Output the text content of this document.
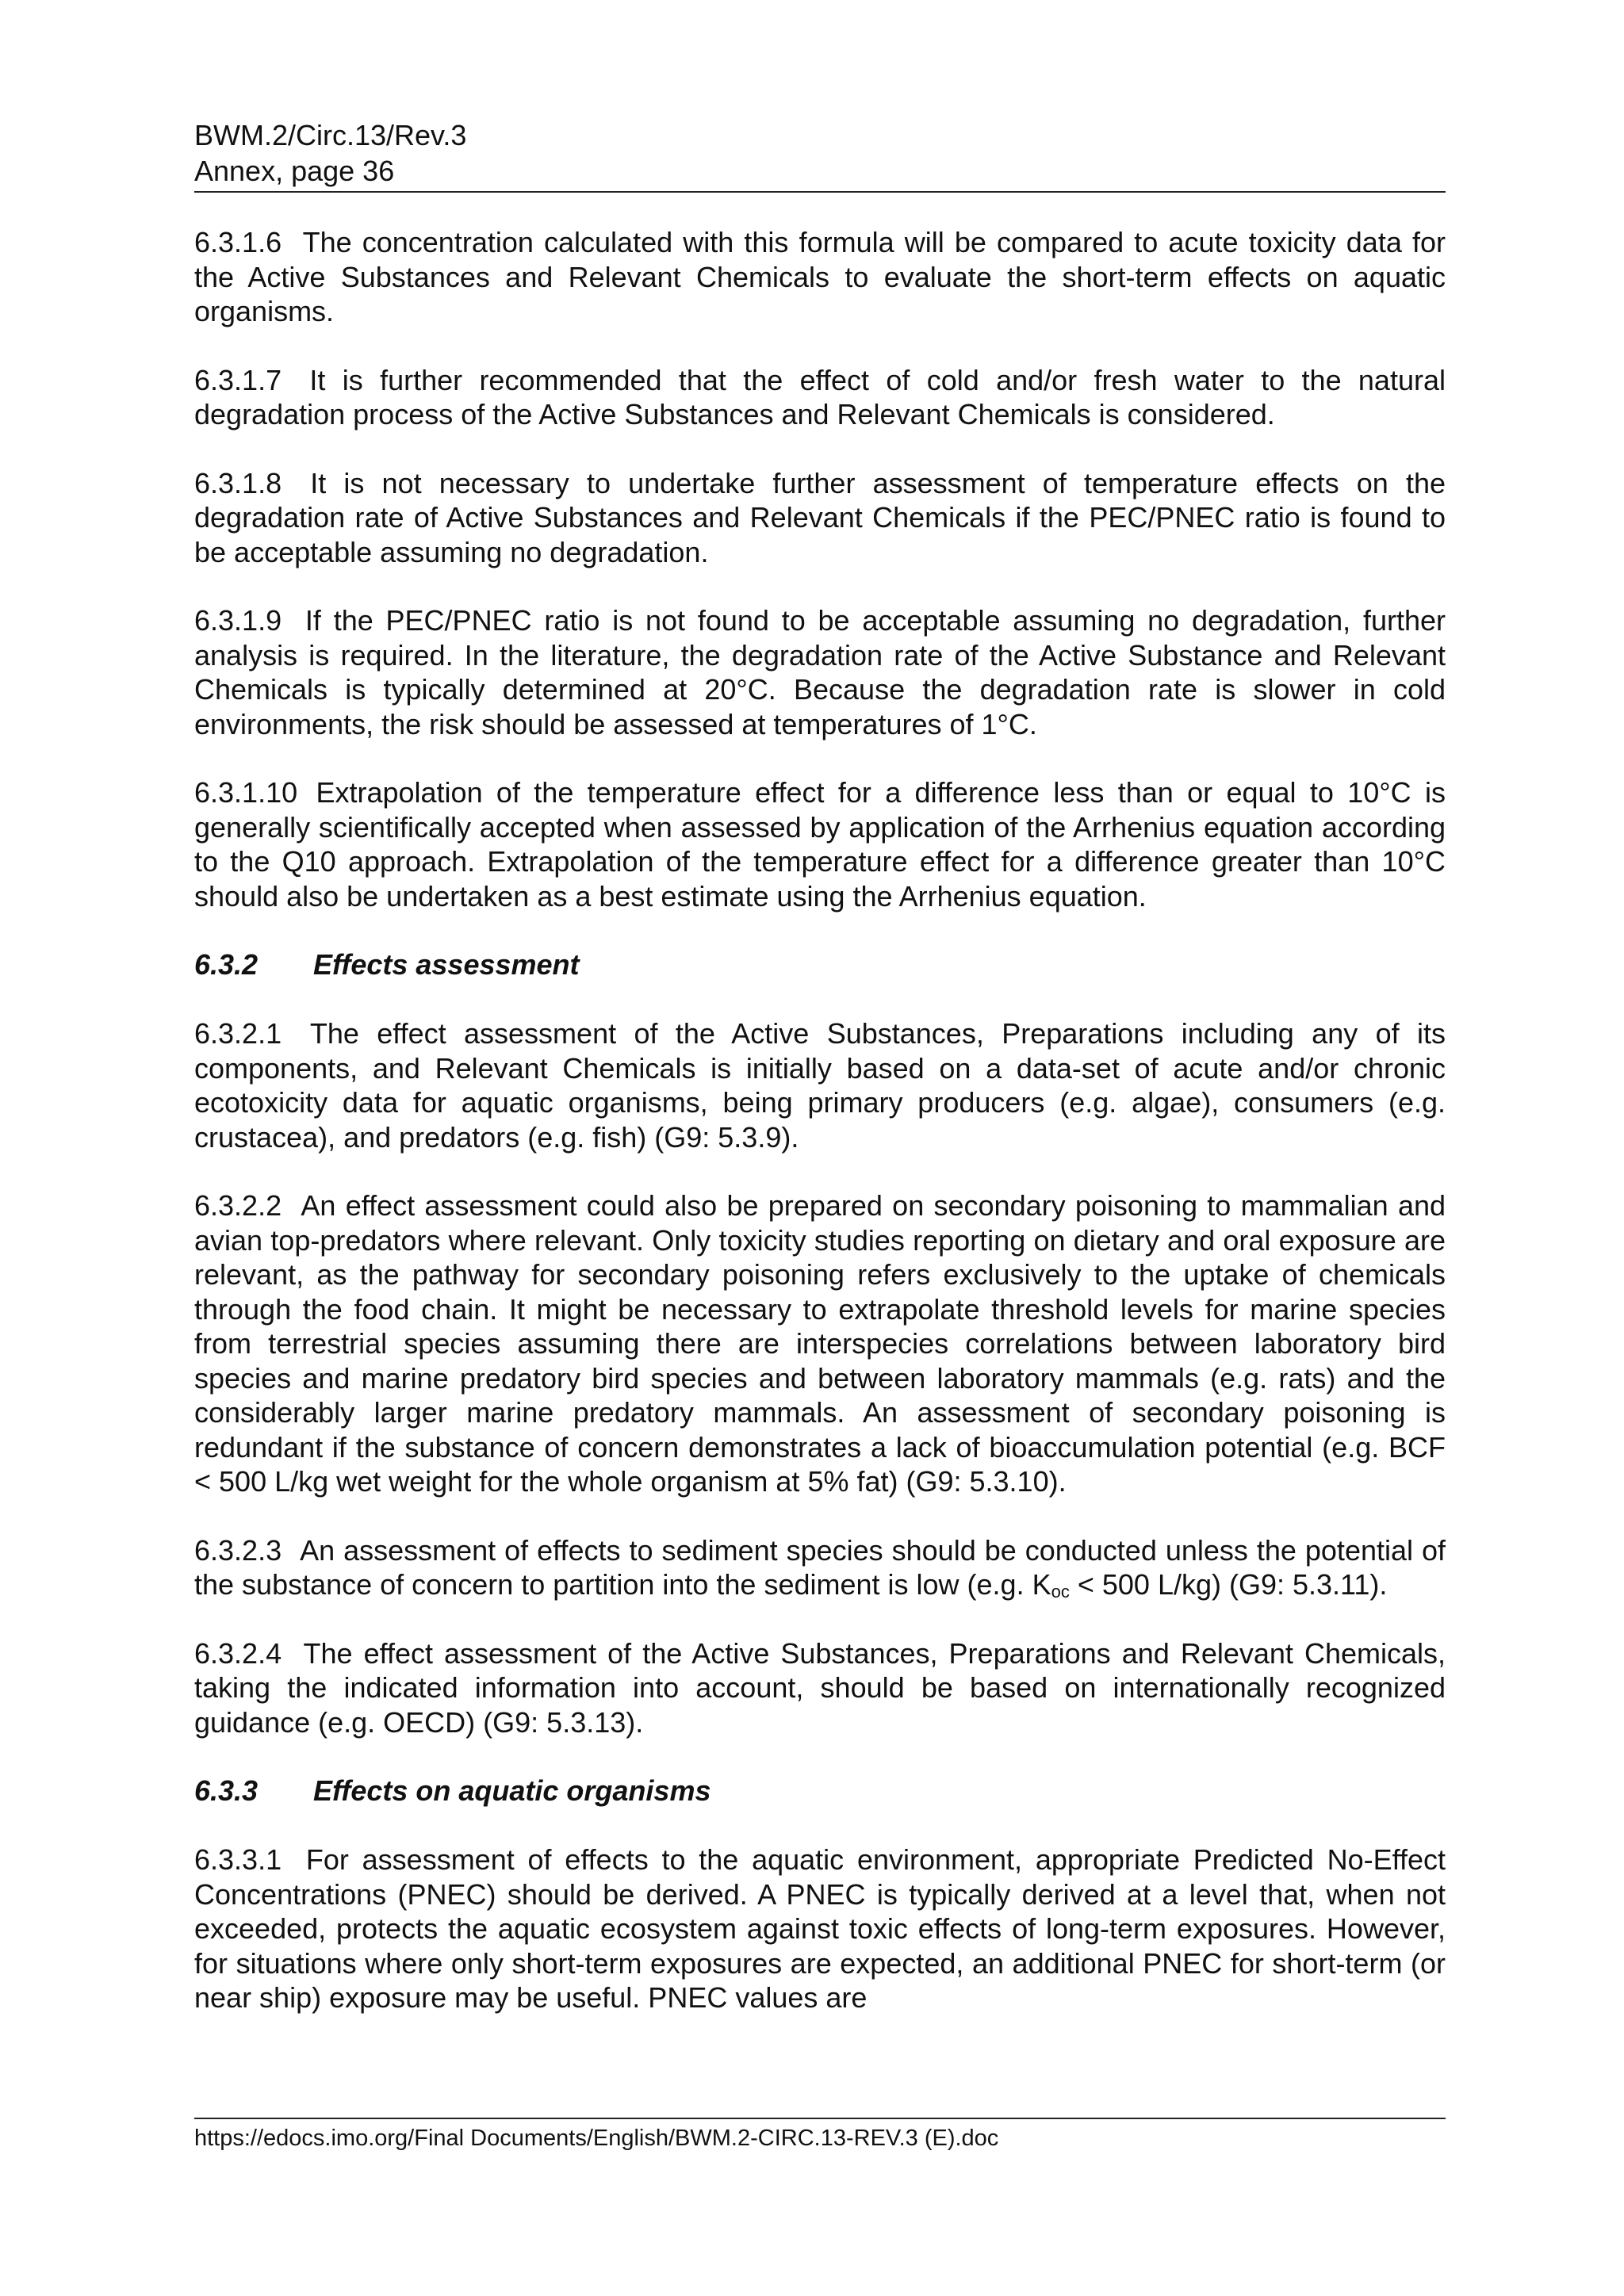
BWM.2/Circ.13/Rev.3
Annex, page 36

6.3.1.6 The concentration calculated with this formula will be compared to acute toxicity data for the Active Substances and Relevant Chemicals to evaluate the short-term effects on aquatic organisms.

6.3.1.7 It is further recommended that the effect of cold and/or fresh water to the natural degradation process of the Active Substances and Relevant Chemicals is considered.

6.3.1.8 It is not necessary to undertake further assessment of temperature effects on the degradation rate of Active Substances and Relevant Chemicals if the PEC/PNEC ratio is found to be acceptable assuming no degradation.

6.3.1.9 If the PEC/PNEC ratio is not found to be acceptable assuming no degradation, further analysis is required. In the literature, the degradation rate of the Active Substance and Relevant Chemicals is typically determined at 20°C. Because the degradation rate is slower in cold environments, the risk should be assessed at temperatures of 1°C.

6.3.1.10 Extrapolation of the temperature effect for a difference less than or equal to 10°C is generally scientifically accepted when assessed by application of the Arrhenius equation according to the Q10 approach. Extrapolation of the temperature effect for a difference greater than 10°C should also be undertaken as a best estimate using the Arrhenius equation.

6.3.2	Effects assessment

6.3.2.1 The effect assessment of the Active Substances, Preparations including any of its components, and Relevant Chemicals is initially based on a data-set of acute and/or chronic ecotoxicity data for aquatic organisms, being primary producers (e.g. algae), consumers (e.g. crustacea), and predators (e.g. fish) (G9: 5.3.9).

6.3.2.2 An effect assessment could also be prepared on secondary poisoning to mammalian and avian top-predators where relevant. Only toxicity studies reporting on dietary and oral exposure are relevant, as the pathway for secondary poisoning refers exclusively to the uptake of chemicals through the food chain. It might be necessary to extrapolate threshold levels for marine species from terrestrial species assuming there are interspecies correlations between laboratory bird species and marine predatory bird species and between laboratory mammals (e.g. rats) and the considerably larger marine predatory mammals. An assessment of secondary poisoning is redundant if the substance of concern demonstrates a lack of bioaccumulation potential (e.g. BCF < 500 L/kg wet weight for the whole organism at 5% fat) (G9: 5.3.10).

6.3.2.3 An assessment of effects to sediment species should be conducted unless the potential of the substance of concern to partition into the sediment is low (e.g. $K_{oc} < 500$ L/kg) (G9: 5.3.11).

6.3.2.4 The effect assessment of the Active Substances, Preparations and Relevant Chemicals, taking the indicated information into account, should be based on internationally recognized guidance (e.g. OECD) (G9: 5.3.13).

6.3.3	Effects on aquatic organisms

6.3.3.1 For assessment of effects to the aquatic environment, appropriate Predicted No-Effect Concentrations (PNEC) should be derived. A PNEC is typically derived at a level that, when not exceeded, protects the aquatic ecosystem against toxic effects of long-term exposures. However, for situations where only short-term exposures are expected, an additional PNEC for short-term (or near ship) exposure may be useful. PNEC values are

https://edocs.imo.org/Final Documents/English/BWM.2-CIRC.13-REV.3 (E).doc
